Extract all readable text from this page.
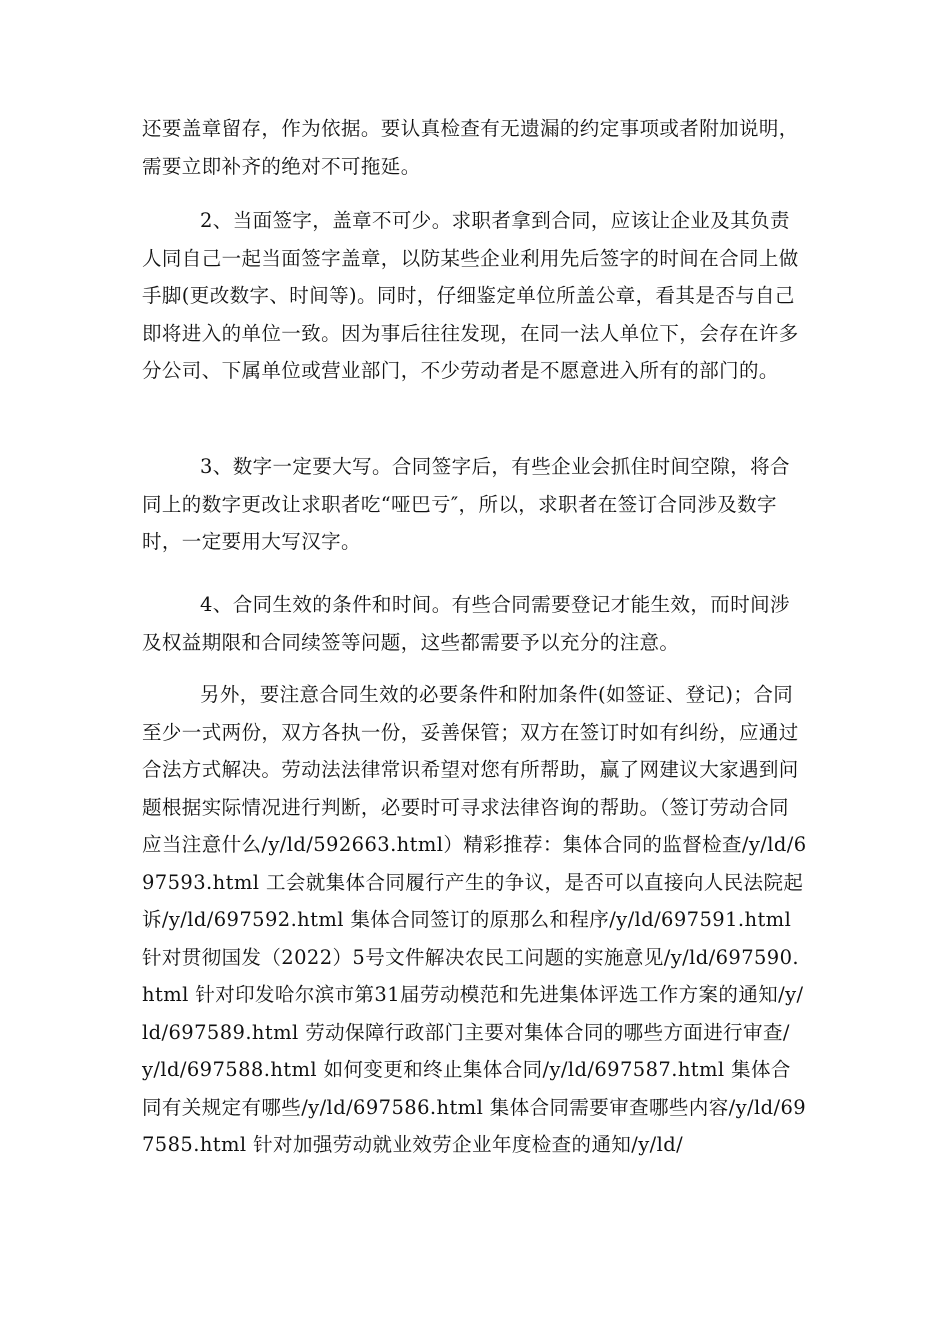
还要盖章留存，作为依据。要认真检查有无遗漏的约定事项或者附加说明，需要立即补齐的绝对不可拖延。

2、当面签字，盖章不可少。求职者拿到合同，应该让企业及其负责人同自己一起当面签字盖章，以防某些企业利用先后签字的时间在合同上做手脚(更改数字、时间等)。同时，仔细鉴定单位所盖公章，看其是否与自己即将进入的单位一致。因为事后往往发现，在同一法人单位下，会存在许多分公司、下属单位或营业部门，不少劳动者是不愿意进入所有的部门的。

3、数字一定要大写。合同签字后，有些企业会抓住时间空隙，将合同上的数字更改让求职者吃“哑巴亏″，所以，求职者在签订合同涉及数字时，一定要用大写汉字。

4、合同生效的条件和时间。有些合同需要登记才能生效，而时间涉及权益期限和合同续签等问题，这些都需要予以充分的注意。

另外，要注意合同生效的必要条件和附加条件(如签证、登记)；合同至少一式两份，双方各执一份，妥善保管；双方在签订时如有纠纷，应通过合法方式解决。劳动法法律常识希望对您有所帮助，赢了网建议大家遇到问题根据实际情况进行判断，必要时可寻求法律咨询的帮助。（签订劳动合同应当注意什么/y/ld/592663.html）精彩推荐：集体合同的监督检查/y/ld/697593.html 工会就集体合同履行产生的争议，是否可以直接向人民法院起诉/y/ld/697592.html 集体合同签订的原那么和程序/y/ld/697591.html 针对贯彻国发（2022）5号文件解决农民工问题的实施意见/y/ld/697590.html 针对印发哈尔滨市第31届劳动模范和先进集体评选工作方案的通知/y/ld/697589.html 劳动保障行政部门主要对集体合同的哪些方面进行审查/y/ld/697588.html 如何变更和终止集体合同/y/ld/697587.html 集体合同有关规定有哪些/y/ld/697586.html 集体合同需要审查哪些内容/y/ld/697585.html 针对加强劳动就业效劳企业年度检查的通知/y/ld/
